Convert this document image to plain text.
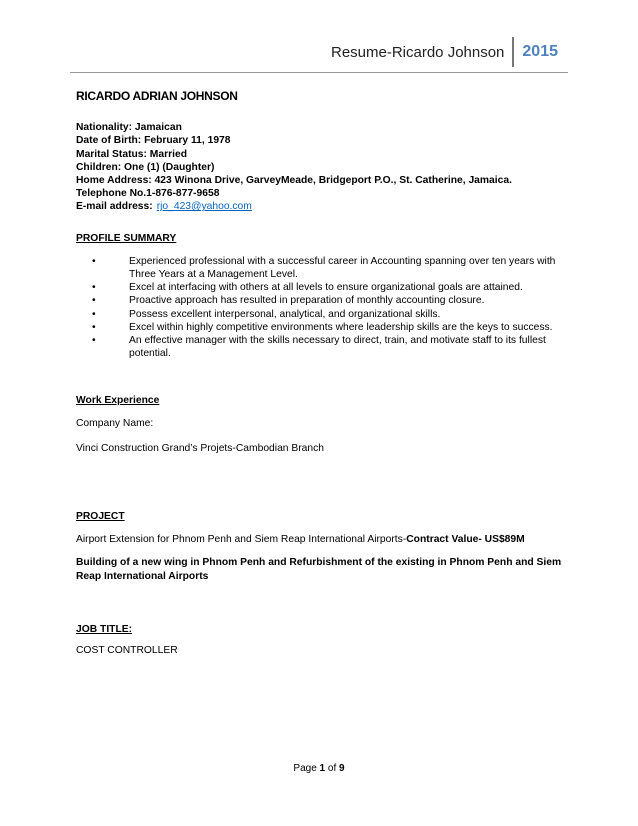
Resume-Ricardo Johnson	2015
RICARDO ADRIAN JOHNSON
Nationality: Jamaican
Date of Birth: February 11, 1978
Marital Status: Married
Children: One (1) (Daughter)
Home Address: 423 Winona Drive, GarveyMeade, Bridgeport P.O., St. Catherine, Jamaica.
Telephone No.1-876-877-9658
E-mail address: rjo_423@yahoo.com
PROFILE SUMMARY
•	Experienced professional with a successful career in Accounting spanning over ten years with Three Years at a Management Level.
•	Excel at interfacing with others at all levels to ensure organizational goals are attained.
•	Proactive approach has resulted in preparation of monthly accounting closure.
•	Possess excellent interpersonal, analytical, and organizational skills.
•	Excel within highly competitive environments where leadership skills are the keys to success.
•	An effective manager with the skills necessary to direct, train, and motivate staff to its fullest potential.
Work Experience

Company Name:

Vinci Construction Grand’s Projets-Cambodian Branch

PROJECT

Airport Extension for Phnom Penh and Siem Reap International Airports-Contract Value- US$89M

Building of a new wing in Phnom Penh and Refurbishment of the existing in Phnom Penh and Siem Reap International Airports

JOB TITLE:

COST CONTROLLER

Page 1 of 9
